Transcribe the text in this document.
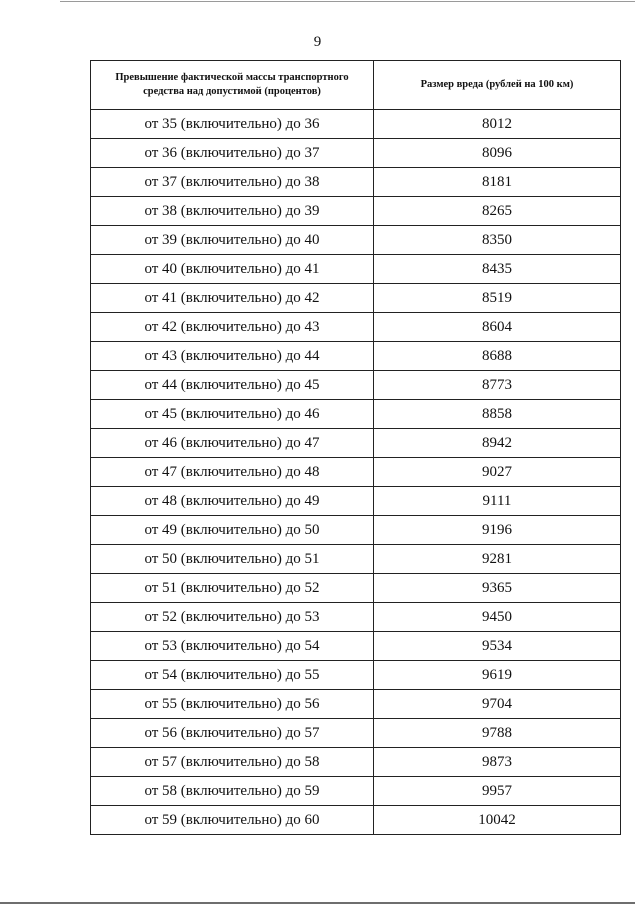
9
Превышение фактической массы транспортного средства над допустимой (процентов)	Размер вреда (рублей на 100 км)

от 35 (включительно) до 36	8012
от 36 (включительно) до 37	8096
от 37 (включительно) до 38	8181
от 38 (включительно) до 39	8265
от 39 (включительно) до 40	8350
от 40 (включительно) до 41	8435
от 41 (включительно) до 42	8519
от 42 (включительно) до 43	8604
от 43 (включительно) до 44	8688
от 44 (включительно) до 45	8773
от 45 (включительно) до 46	8858
от 46 (включительно) до 47	8942
от 47 (включительно) до 48	9027
от 48 (включительно) до 49	9111
от 49 (включительно) до 50	9196
от 50 (включительно) до 51	9281
от 51 (включительно) до 52	9365
от 52 (включительно) до 53	9450
от 53 (включительно) до 54	9534
от 54 (включительно) до 55	9619
от 55 (включительно) до 56	9704
от 56 (включительно) до 57	9788
от 57 (включительно) до 58	9873
от 58 (включительно) до 59	9957
от 59 (включительно) до 60	10042
